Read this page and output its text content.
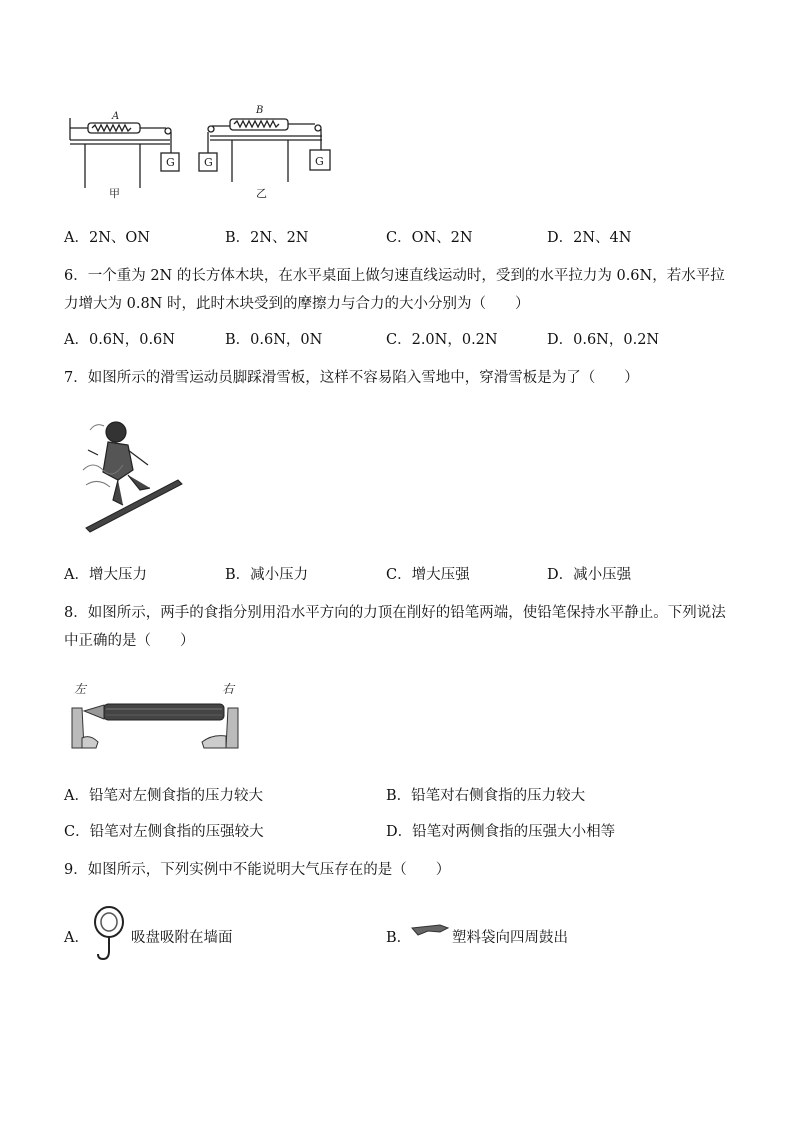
A
G
甲
B
G	G
乙
A．2N、ON	B．2N、2N	C．ON、2N	D．2N、4N
6．一个重为 2N 的长方体木块，在水平桌面上做匀速直线运动时，受到的水平拉力为 0.6N，若水平拉力增大为 0.8N 时，此时木块受到的摩擦力与合力的大小分别为（　　）
A．0.6N，0.6N	B．0.6N，0N	C．2.0N，0.2N	D．0.6N，0.2N
7．如图所示的滑雪运动员脚踩滑雪板，这样不容易陷入雪地中，穿滑雪板是为了（　　）
A．增大压力	B．减小压力	C．增大压强	D．减小压强
8．如图所示，两手的食指分别用沿水平方向的力顶在削好的铅笔两端，使铅笔保持水平静止。下列说法中正确的是（　　）
左	右
A．铅笔对左侧食指的压力较大	B．铅笔对右侧食指的压力较大
C．铅笔对左侧食指的压强较大	D．铅笔对两侧食指的压强大小相等
9．如图所示，下列实例中不能说明大气压存在的是（　　）
A．	吸盘吸附在墙面	B．	塑料袋向四周鼓出
